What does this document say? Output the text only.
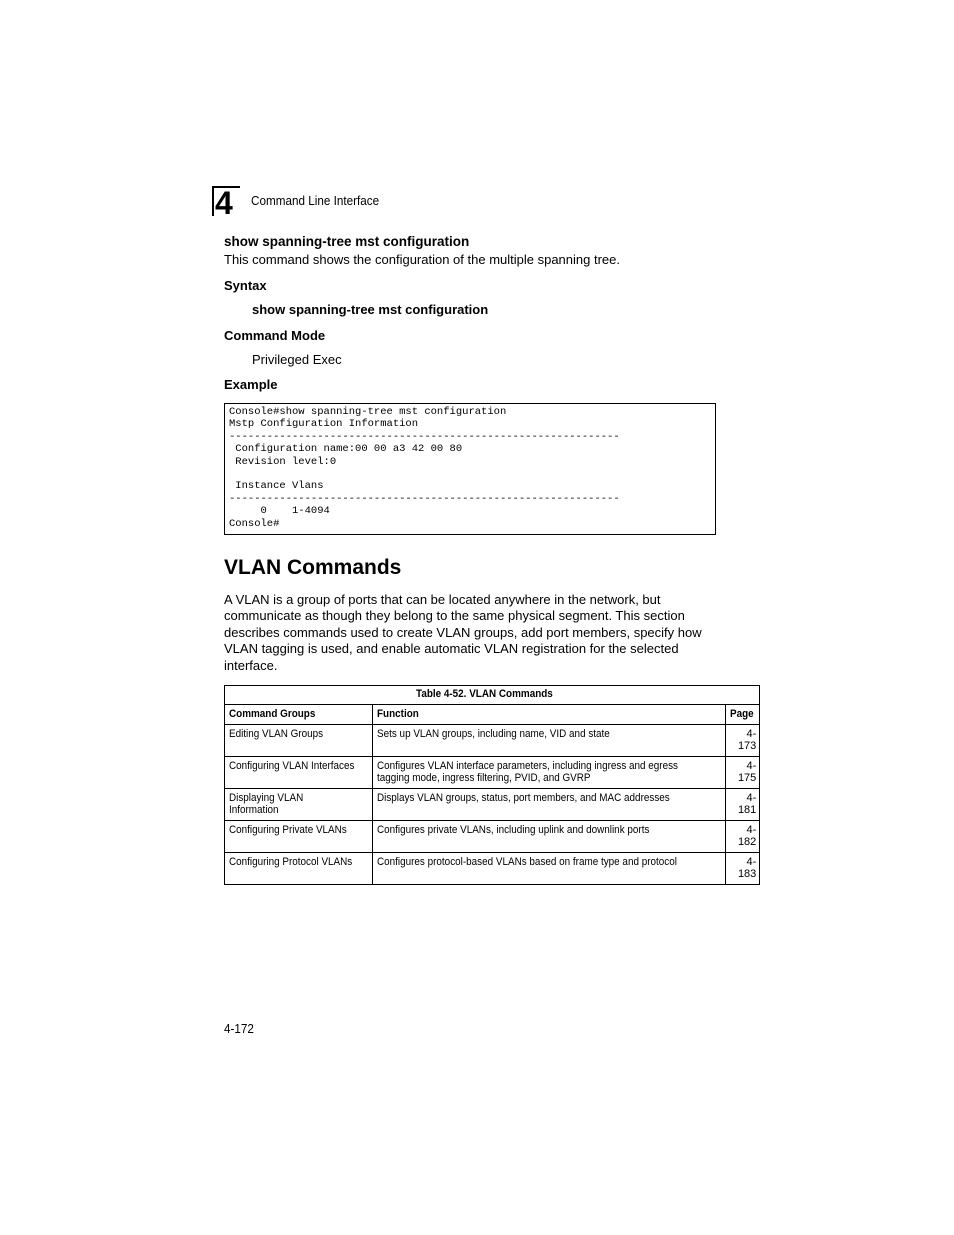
4	Command Line Interface
show spanning-tree mst configuration
This command shows the configuration of the multiple spanning tree.
Syntax
show spanning-tree mst configuration
Command Mode
Privileged Exec
Example
Console#show spanning-tree mst configuration
Mstp Configuration Information
--------------------------------------------------------------
Configuration name:00 00 a3 42 00 80
Revision level:0

Instance Vlans
--------------------------------------------------------------
0    1-4094
Console#
VLAN Commands
A VLAN is a group of ports that can be located anywhere in the network, but communicate as though they belong to the same physical segment. This section describes commands used to create VLAN groups, add port members, specify how VLAN tagging is used, and enable automatic VLAN registration for the selected interface.
Table 4-52. VLAN Commands		
Command Groups	Function	Page
Editing VLAN Groups	Sets up VLAN groups, including name, VID and state	4-173
Configuring VLAN Interfaces	Configures VLAN interface parameters, including ingress and egress tagging mode, ingress filtering, PVID, and GVRP	4-175
Displaying VLAN Information	Displays VLAN groups, status, port members, and MAC addresses	4-181
Configuring Private VLANs	Configures private VLANs, including uplink and downlink ports	4-182
Configuring Protocol VLANs	Configures protocol-based VLANs based on frame type and protocol	4-183
4-172
